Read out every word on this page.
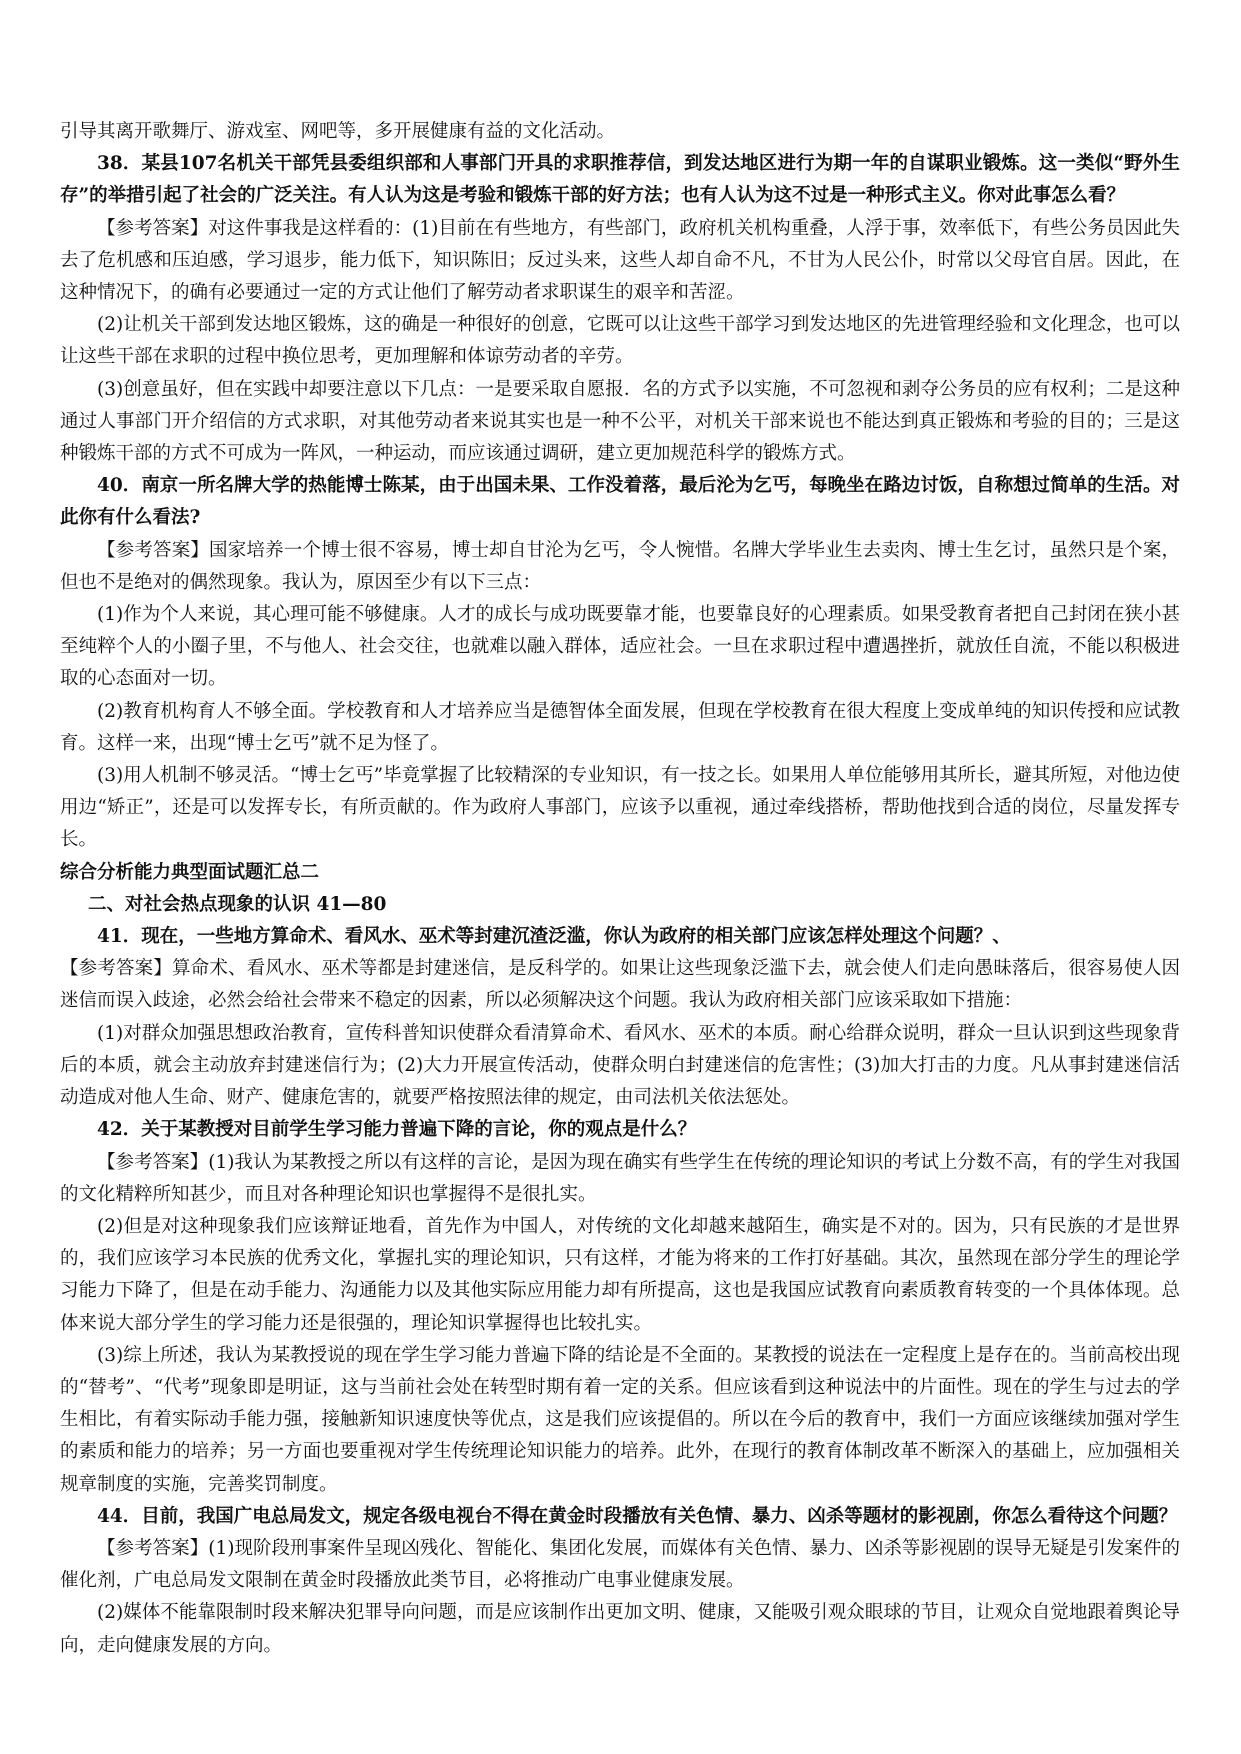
引导其离开歌舞厅、游戏室、网吧等，多开展健康有益的文化活动。

38．某县107名机关干部凭县委组织部和人事部门开具的求职推荐信，到发达地区进行为期一年的自谋职业锻炼。这一类似“野外生存”的举措引起了社会的广泛关注。有人认为这是考验和锻炼干部的好方法；也有人认为这不过是一种形式主义。你对此事怎么看？

【参考答案】对这件事我是这样看的：(1)目前在有些地方，有些部门，政府机关机构重叠，人浮于事，效率低下，有些公务员因此失去了危机感和压迫感，学习退步，能力低下，知识陈旧；反过头来，这些人却自命不凡，不甘为人民公仆，时常以父母官自居。因此，在这种情况下，的确有必要通过一定的方式让他们了解劳动者求职谋生的艰辛和苦涩。

(2)让机关干部到发达地区锻炼，这的确是一种很好的创意，它既可以让这些干部学习到发达地区的先进管理经验和文化理念，也可以让这些干部在求职的过程中换位思考，更加理解和体谅劳动者的辛劳。

(3)创意虽好，但在实践中却要注意以下几点：一是要采取自愿报．名的方式予以实施，不可忽视和剥夺公务员的应有权利；二是这种通过人事部门开介绍信的方式求职，对其他劳动者来说其实也是一种不公平，对机关干部来说也不能达到真正锻炼和考验的目的；三是这种锻炼干部的方式不可成为一阵风，一种运动，而应该通过调研，建立更加规范科学的锻炼方式。

40．南京一所名牌大学的热能博士陈某，由于出国未果、工作没着落，最后沦为乞丐，每晚坐在路边讨饭，自称想过简单的生活。对此你有什么看法?

【参考答案】国家培养一个博士很不容易，博士却自甘沦为乞丐，令人惋惜。名牌大学毕业生去卖肉、博士生乞讨，虽然只是个案，但也不是绝对的偶然现象。我认为，原因至少有以下三点：

(1)作为个人来说，其心理可能不够健康。人才的成长与成功既要靠才能，也要靠良好的心理素质。如果受教育者把自己封闭在狭小甚至纯粹个人的小圈子里，不与他人、社会交往，也就难以融入群体，适应社会。一旦在求职过程中遭遇挫折，就放任自流，不能以积极进取的心态面对一切。

(2)教育机构育人不够全面。学校教育和人才培养应当是德智体全面发展，但现在学校教育在很大程度上变成单纯的知识传授和应试教育。这样一来，出现“博士乞丐”就不足为怪了。

(3)用人机制不够灵活。“博士乞丐”毕竟掌握了比较精深的专业知识，有一技之长。如果用人单位能够用其所长，避其所短，对他边使用边“矫正”，还是可以发挥专长，有所贡献的。作为政府人事部门，应该予以重视，通过牵线搭桥，帮助他找到合适的岗位，尽量发挥专长。

综合分析能力典型面试题汇总二

二、对社会热点现象的认识 41—80

41．现在，一些地方算命术、看风水、巫术等封建沉渣泛滥，你认为政府的相关部门应该怎样处理这个问题？、

【参考答案】算命术、看风水、巫术等都是封建迷信，是反科学的。如果让这些现象泛滥下去，就会使人们走向愚昧落后，很容易使人因迷信而误入歧途，必然会给社会带来不稳定的因素，所以必须解决这个问题。我认为政府相关部门应该采取如下措施：

(1)对群众加强思想政治教育，宣传科普知识使群众看清算命术、看风水、巫术的本质。耐心给群众说明，群众一旦认识到这些现象背后的本质，就会主动放弃封建迷信行为；(2)大力开展宣传活动，使群众明白封建迷信的危害性；(3)加大打击的力度。凡从事封建迷信活动造成对他人生命、财产、健康危害的，就要严格按照法律的规定，由司法机关依法惩处。

42．关于某教授对目前学生学习能力普遍下降的言论，你的观点是什么？

【参考答案】(1)我认为某教授之所以有这样的言论，是因为现在确实有些学生在传统的理论知识的考试上分数不高，有的学生对我国的文化精粹所知甚少，而且对各种理论知识也掌握得不是很扎实。

(2)但是对这种现象我们应该辩证地看，首先作为中国人，对传统的文化却越来越陌生，确实是不对的。因为，只有民族的才是世界的，我们应该学习本民族的优秀文化，掌握扎实的理论知识，只有这样，才能为将来的工作打好基础。其次，虽然现在部分学生的理论学习能力下降了，但是在动手能力、沟通能力以及其他实际应用能力却有所提高，这也是我国应试教育向素质教育转变的一个具体体现。总体来说大部分学生的学习能力还是很强的，理论知识掌握得也比较扎实。

(3)综上所述，我认为某教授说的现在学生学习能力普遍下降的结论是不全面的。某教授的说法在一定程度上是存在的。当前高校出现的“替考”、“代考”现象即是明证，这与当前社会处在转型时期有着一定的关系。但应该看到这种说法中的片面性。现在的学生与过去的学生相比，有着实际动手能力强，接触新知识速度快等优点，这是我们应该提倡的。所以在今后的教育中，我们一方面应该继续加强对学生的素质和能力的培养；另一方面也要重视对学生传统理论知识能力的培养。此外，在现行的教育体制改革不断深入的基础上，应加强相关规章制度的实施，完善奖罚制度。

44．目前，我国广电总局发文，规定各级电视台不得在黄金时段播放有关色情、暴力、凶杀等题材的影视剧，你怎么看待这个问题？

【参考答案】(1)现阶段刑事案件呈现凶残化、智能化、集团化发展，而媒体有关色情、暴力、凶杀等影视剧的误导无疑是引发案件的催化剂，广电总局发文限制在黄金时段播放此类节目，必将推动广电事业健康发展。

(2)媒体不能靠限制时段来解决犯罪导向问题，而是应该制作出更加文明、健康，又能吸引观众眼球的节目，让观众自觉地跟着舆论导向，走向健康发展的方向。
